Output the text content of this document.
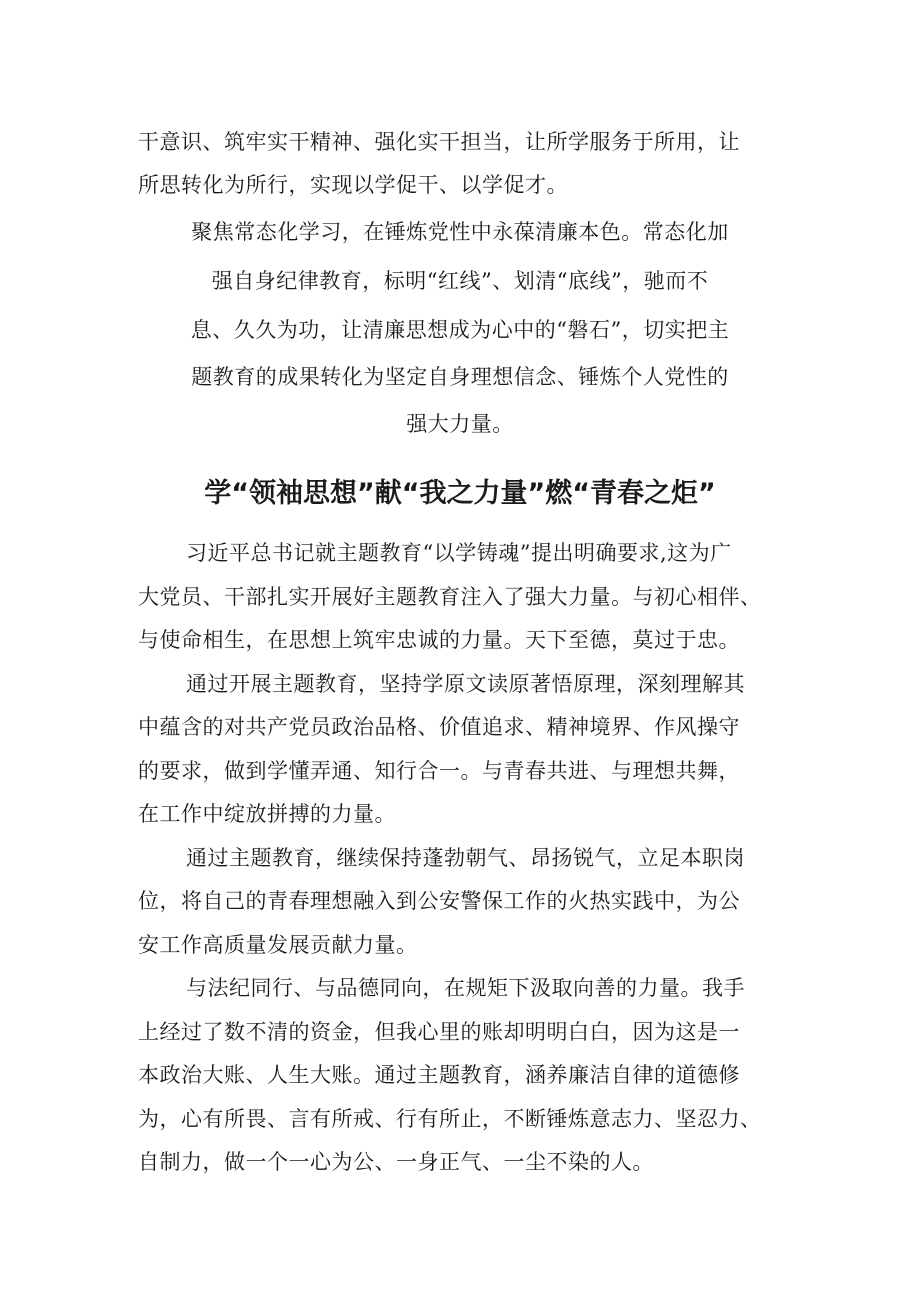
干意识、筑牢实干精神、强化实干担当，让所学服务于所用，让
所思转化为所行，实现以学促干、以学促才。
聚焦常态化学习，在锤炼党性中永葆清廉本色。常态化加
强自身纪律教育，标明“红线”、划清“底线”，驰而不
息、久久为功，让清廉思想成为心中的“磐石”，切实把主
题教育的成果转化为坚定自身理想信念、锤炼个人党性的
强大力量。
学“领袖思想”献“我之力量”燃“青春之炬”
习近平总书记就主题教育“以学铸魂”提出明确要求,这为广
大党员、干部扎实开展好主题教育注入了强大力量。与初心相伴、
与使命相生，在思想上筑牢忠诚的力量。天下至德，莫过于忠。
通过开展主题教育，坚持学原文读原著悟原理，深刻理解其
中蕴含的对共产党员政治品格、价值追求、精神境界、作风操守
的要求，做到学懂弄通、知行合一。与青春共进、与理想共舞，
在工作中绽放拼搏的力量。
通过主题教育，继续保持蓬勃朝气、昂扬锐气，立足本职岗
位，将自己的青春理想融入到公安警保工作的火热实践中，为公
安工作高质量发展贡献力量。
与法纪同行、与品德同向，在规矩下汲取向善的力量。我手
上经过了数不清的资金，但我心里的账却明明白白，因为这是一
本政治大账、人生大账。通过主题教育，涵养廉洁自律的道德修
为，心有所畏、言有所戒、行有所止，不断锤炼意志力、坚忍力、
自制力，做一个一心为公、一身正气、一尘不染的人。
